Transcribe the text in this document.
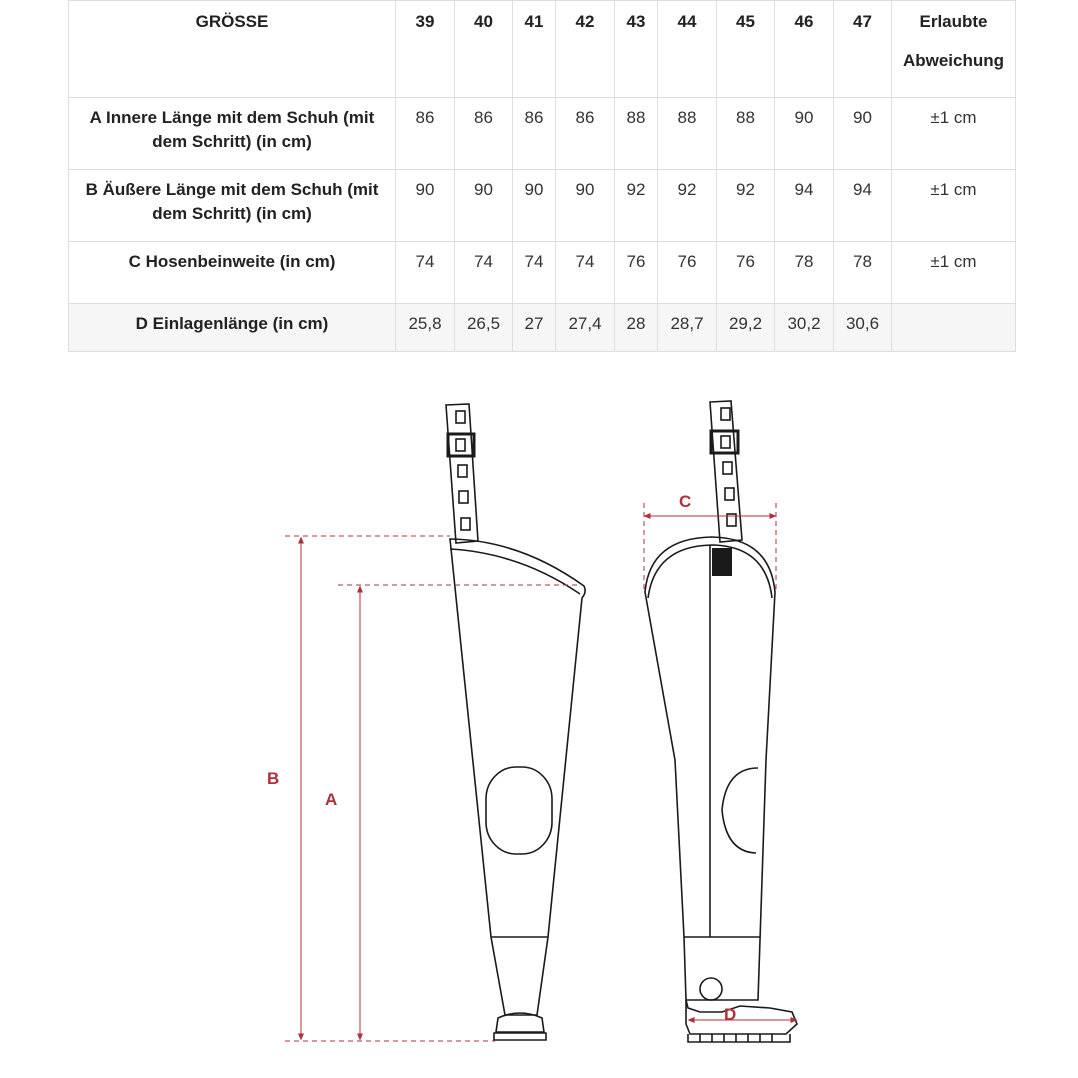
GRÖSSE	39	40	41	42	43	44	45	46	47	Erlaubte
Abweichung
A Innere Länge mit dem Schuh (mit dem Schritt) (in cm)	86	86	86	86	88	88	88	90	90	±1 cm
B Äußere Länge mit dem Schuh (mit dem Schritt) (in cm)	90	90	90	90	92	92	92	94	94	±1 cm
C Hosenbeinweite (in cm)	74	74	74	74	76	76	76	78	78	±1 cm
D Einlagenlänge (in cm)	25,8	26,5	27	27,4	28	28,7	29,2	30,2	30,6	
B
A
C
D
